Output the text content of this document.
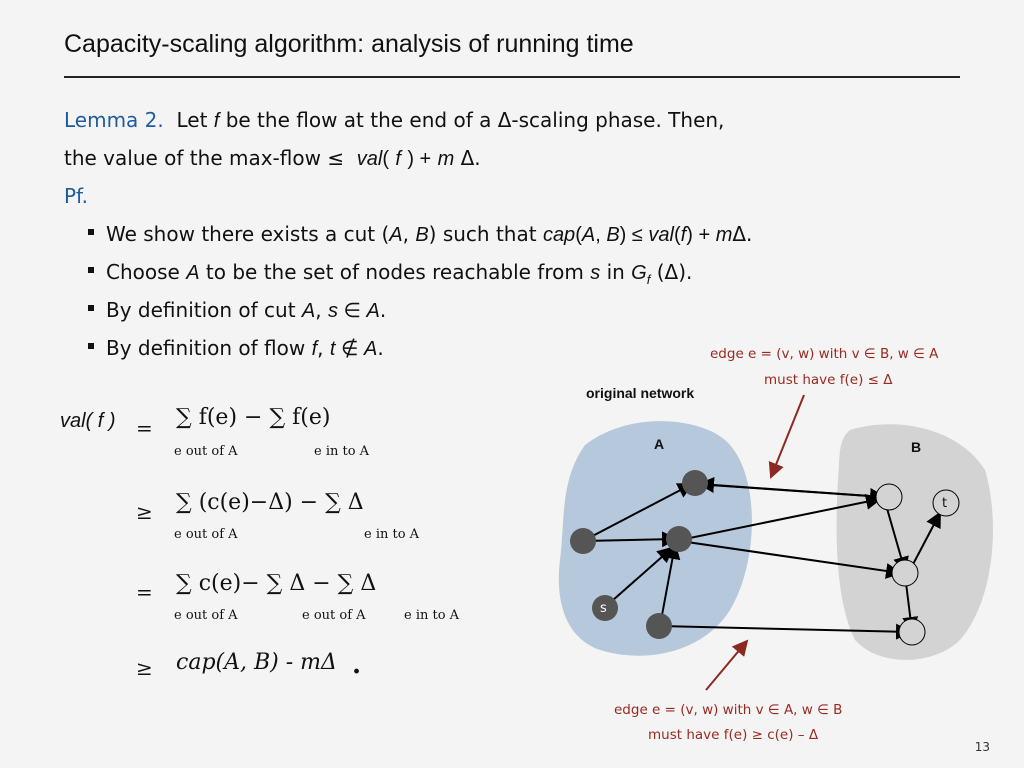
Capacity-scaling algorithm: analysis of running time
Lemma 2. Let f be the flow at the end of a Δ-scaling phase. Then,
the value of the max-flow ≤ val( f ) + m Δ.
Pf.
We show there exists a cut (A, B) such that cap(A, B) ≤ val(f) + mΔ.
Choose A to be the set of nodes reachable from s in $G_f$ (Δ).
By definition of cut A, s ∈ A.
By definition of flow f, t ∉ A.
val( f ) = ∑ f(e) − ∑ f(e)
e out of A	e in to A
≥ ∑ (c(e)−Δ) − ∑ Δ
e out of A	e in to A
= ∑ c(e)− ∑ Δ − ∑ Δ
e out of A	e out of A	e in to A
≥ cap(A, B) - mΔ .
original network
A	B
s
t
edge e = (v, w) with v ∈ B, w ∈ A
must have f(e) ≤ Δ
edge e = (v, w) with v ∈ A, w ∈ B
must have f(e) ≥ c(e) – Δ
13
